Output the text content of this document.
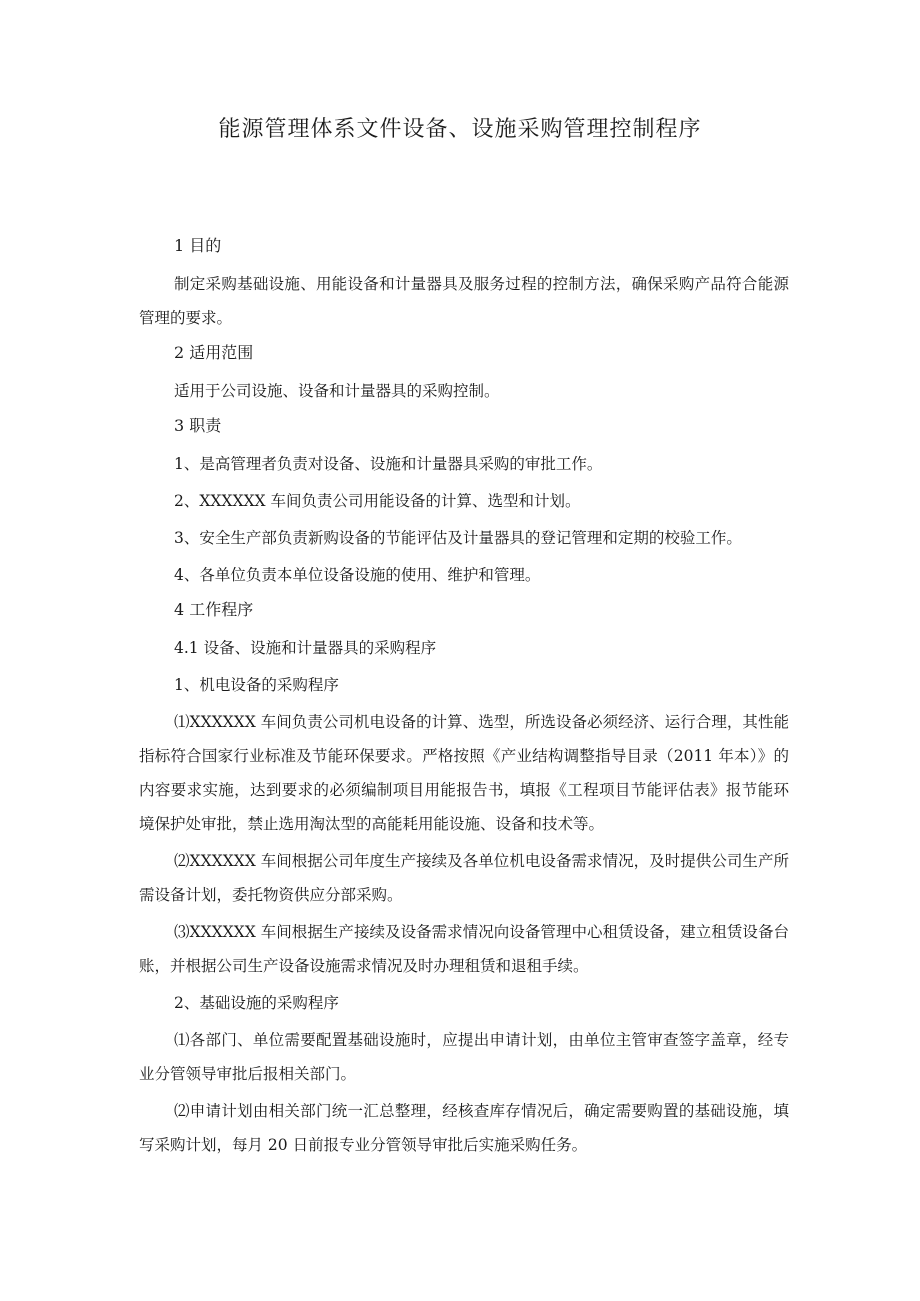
能源管理体系文件设备、设施采购管理控制程序

1 目的

制定采购基础设施、用能设备和计量器具及服务过程的控制方法，确保采购产品符合能源管理的要求。

2 适用范围

适用于公司设施、设备和计量器具的采购控制。

3 职责

1、是高管理者负责对设备、设施和计量器具采购的审批工作。

2、XXXXXX 车间负责公司用能设备的计算、选型和计划。

3、安全生产部负责新购设备的节能评估及计量器具的登记管理和定期的校验工作。

4、各单位负责本单位设备设施的使用、维护和管理。

4 工作程序

4.1 设备、设施和计量器具的采购程序

1、机电设备的采购程序

⑴XXXXXX 车间负责公司机电设备的计算、选型，所选设备必须经济、运行合理，其性能指标符合国家行业标准及节能环保要求。严格按照《产业结构调整指导目录（2011 年本）》的内容要求实施，达到要求的必须编制项目用能报告书，填报《工程项目节能评估表》报节能环境保护处审批，禁止选用淘汰型的高能耗用能设施、设备和技术等。

⑵XXXXXX 车间根据公司年度生产接续及各单位机电设备需求情况，及时提供公司生产所需设备计划，委托物资供应分部采购。

⑶XXXXXX 车间根据生产接续及设备需求情况向设备管理中心租赁设备，建立租赁设备台账，并根据公司生产设备设施需求情况及时办理租赁和退租手续。

2、基础设施的采购程序

⑴各部门、单位需要配置基础设施时，应提出申请计划，由单位主管审查签字盖章，经专业分管领导审批后报相关部门。

⑵申请计划由相关部门统一汇总整理，经核查库存情况后，确定需要购置的基础设施，填写采购计划，每月 20 日前报专业分管领导审批后实施采购任务。
